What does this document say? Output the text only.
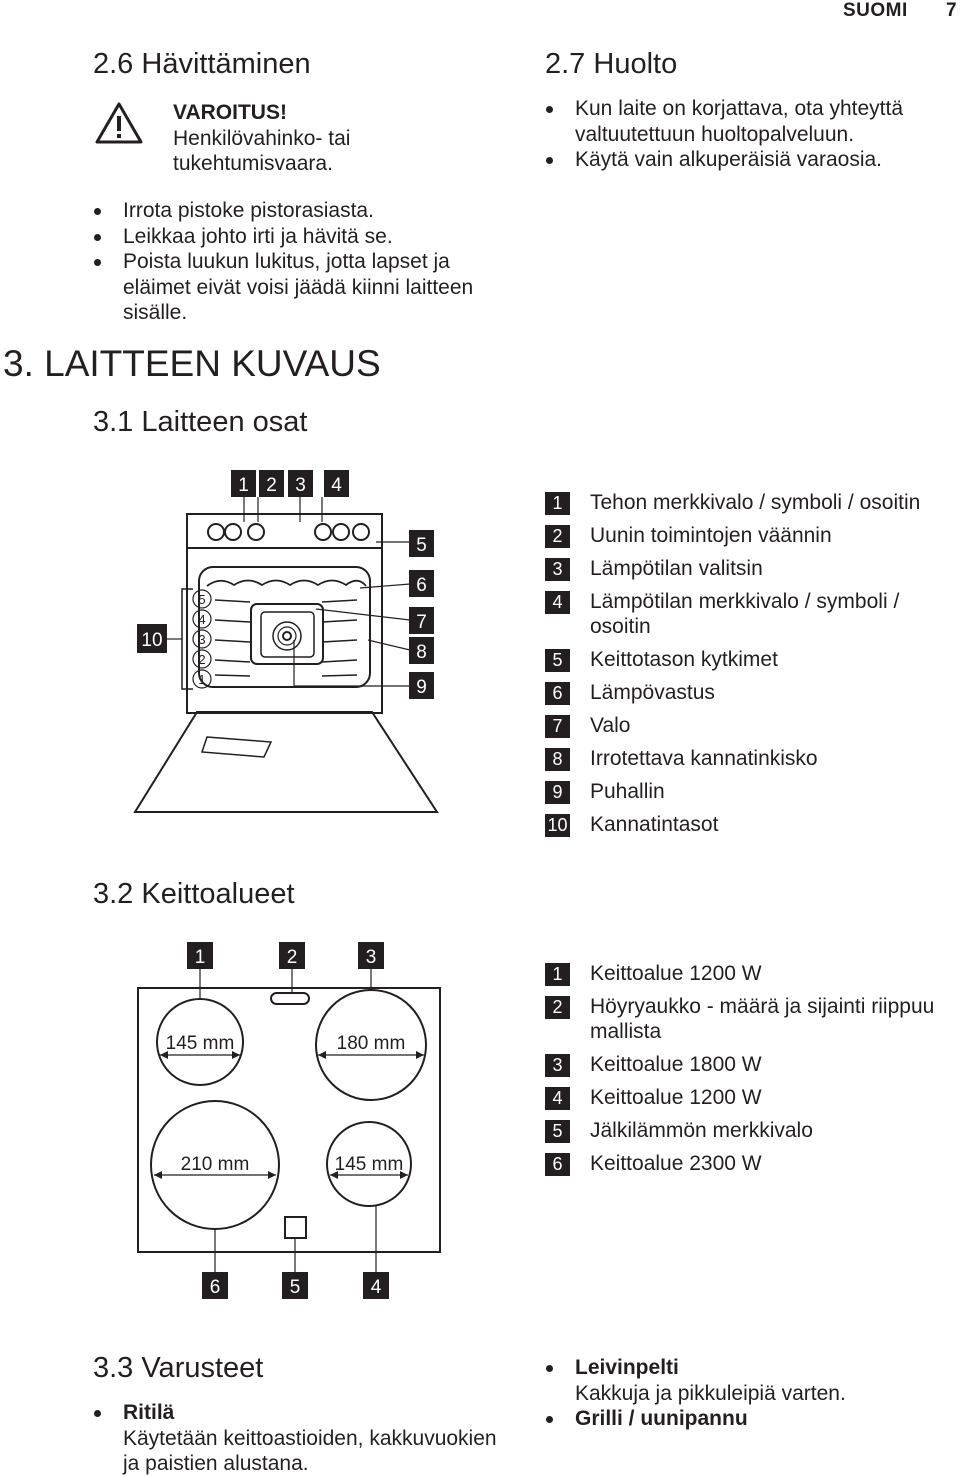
SUOMI 7
2.6 Hävittäminen
VAROITUS!
Henkilövahinko- tai
tukehtumisvaara.
Irrota pistoke pistorasiasta.
Leikkaa johto irti ja hävitä se.
Poista luukun lukitus, jotta lapset ja eläimet eivät voisi jäädä kiinni laitteen sisälle.
2.7 Huolto
Kun laite on korjattava, ota yhteyttä valtuutettuun huoltopalveluun.
Käytä vain alkuperäisiä varaosia.
3. LAITTEEN KUVAUS
3.1 Laitteen osat
1 2 3 4
5
6
7
8
9
10
5
4
3
2
1
1	Tehon merkkivalo / symboli / osoitin
2	Uunin toimintojen väännin
3	Lämpötilan valitsin
4	Lämpötilan merkkivalo / symboli / osoitin
5	Keittotason kytkimet
6	Lämpövastus
7	Valo
8	Irrotettava kannatinkisko
9	Puhallin
10 Kannatintasot
3.2 Keittoalueet
1	2	3
6	5	4
145 mm	180 mm
210 mm	145 mm
1	Keittoalue 1200 W
2	Höyryaukko - määrä ja sijainti riippuu mallista
3	Keittoalue 1800 W
4	Keittoalue 1200 W
5	Jälkilämmön merkkivalo
6	Keittoalue 2300 W
3.3 Varusteet
Ritilä
Käytetään keittoastioiden, kakkuvuokien ja paistien alustana.
Leivinpelti
Kakkuja ja pikkuleipiä varten.
Grilli / uunipannu
